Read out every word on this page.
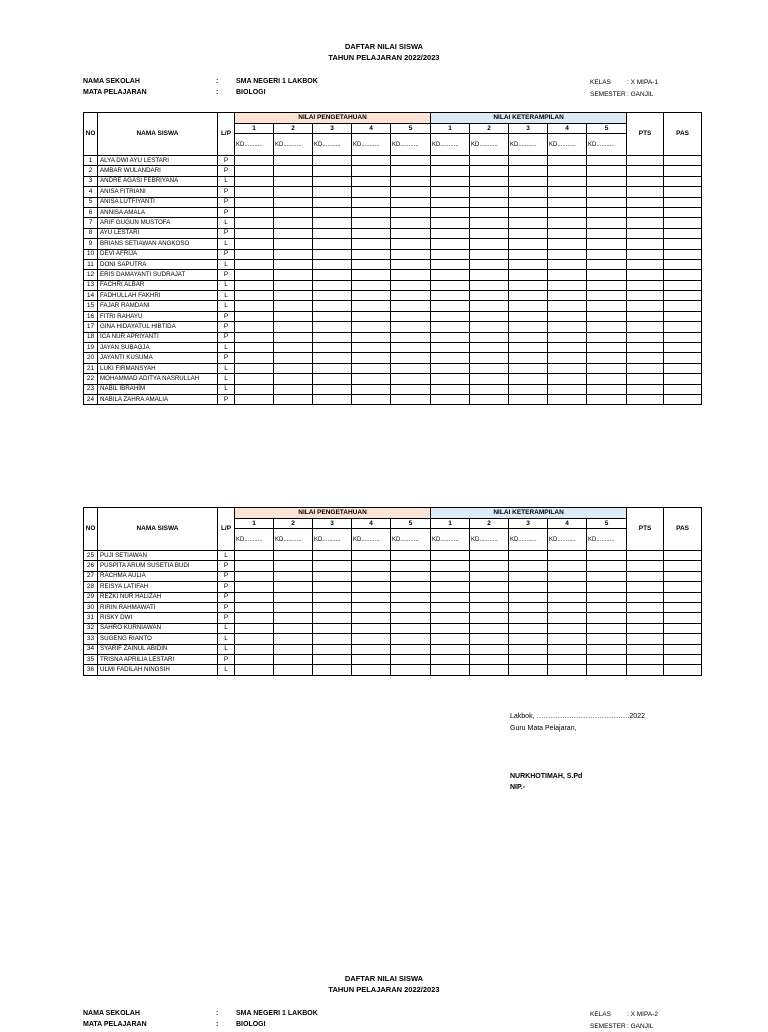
DAFTAR NILAI SISWA
TAHUN PELAJARAN 2022/2023
NAMA SEKOLAH	:	SMA NEGERI 1 LAKBOK
MATA PELAJARAN	:	BIOLOGI
KELAS : X MIPA-1
SEMESTER : GANJIL
NO	NAMA SISWA	L/P	NILAI PENGETAHUAN					NILAI KETERAMPILAN					PTS	PAS
			1	2	3	4	5	1	2	3	4	5		
			KD...........	KD...........	KD...........	KD...........	KD...........	KD...........	KD...........	KD...........	KD...........	KD...........		
1	ALYA DWI AYU LESTARI	P												
2	AMBAR WULANDARI	P												
3	ANDRE AGASI FEBRIYANA	L												
4	ANISA FITRIANI	P												
5	ANISA LUTFIYANTI	P												
6	ANNISA AMALA	P												
7	ARIF GUGUN MUSTOFA	L												
8	AYU LESTARI	P												
9	BRIANS SETIAWAN ANGKOSO	L												
10	DEVI AFRIJA	P												
11	DONI SAPUTRA	L												
12	ERIS DAMAYANTI SUDRAJAT	P												
13	FACHRI ALBAR	L												
14	FADHULLAH FAKHRI	L												
15	FAJAR RAMDANI	L												
16	FITRI RAHAYU	P												
17	GINA HIDAYATUL HIBTIDA	P												
18	ICA NUR APRIYANTI	P												
19	JAYAN SUBAGJA	L												
20	JAYANTI KUSUMA	P												
21	LUKI FIRMANSYAH	L												
22	MOHAMMAD ADITYA NASRULLAH	L												
23	NABIL IBRAHIM	L												
24	NABILA ZAHRA AMALIA	P												
NO	NAMA SISWA	L/P	NILAI PENGETAHUAN					NILAI KETERAMPILAN					PTS	PAS
			1	2	3	4	5	1	2	3	4	5		
			KD...........	KD...........	KD...........	KD...........	KD...........	KD...........	KD...........	KD...........	KD...........	KD...........		
25	PUJI SETIAWAN	L												
26	PUSPITA ARUM SUSETIA BUDI	P												
27	RACHMA AULIA	P												
28	REISYA LATIFAH	P												
29	REZKI NUR HALIZAH	P												
30	RIRIN RAHMAWATI	P												
31	RISKY DWI	P												
32	SAHRO KURNIAWAN	L												
33	SUGENG RIANTO	L												
34	SYARIF ZAINUL ABIDIN	L												
35	TRISNA APRILIA LESTARI	P												
36	ULMI FADILAH NINGSIH	L												
Lakbok, ………………………………….2022
Guru Mata Pelajaran,
NURKHOTIMAH, S.Pd
NIP.-
DAFTAR NILAI SISWA
TAHUN PELAJARAN 2022/2023
NAMA SEKOLAH	:	SMA NEGERI 1 LAKBOK
MATA PELAJARAN	:	BIOLOGI
KELAS : X MIPA-2
SEMESTER : GANJIL
